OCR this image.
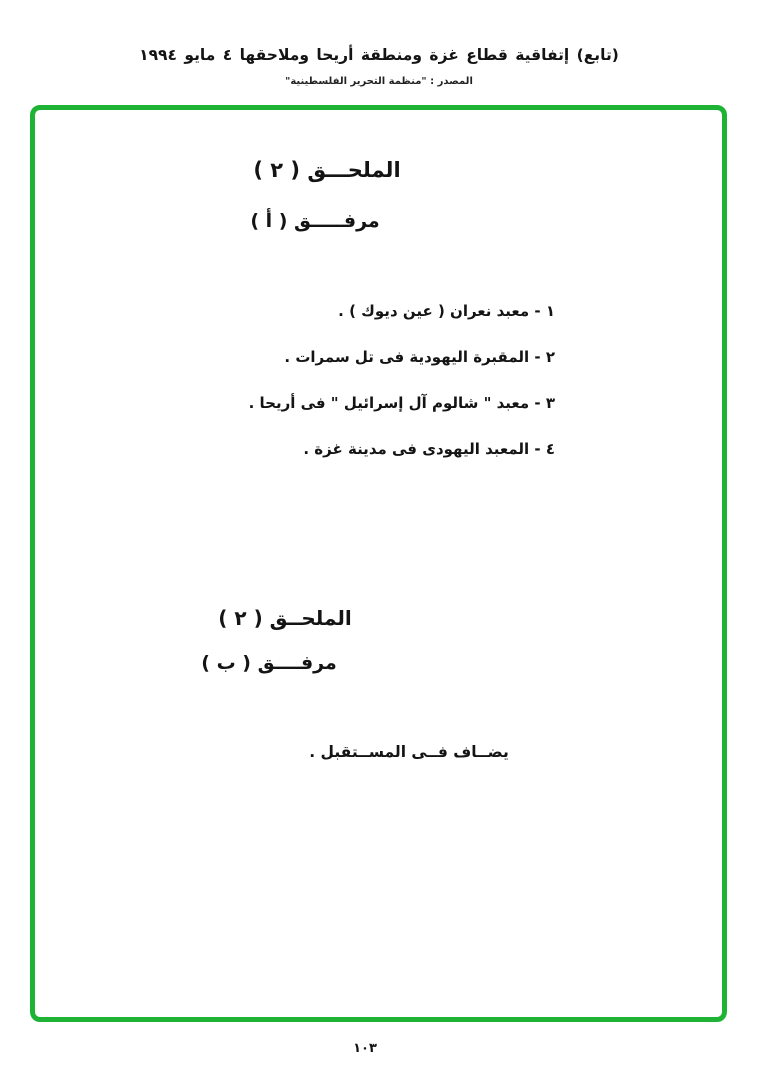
(تابع) إتفاقية قطاع غزة ومنطقة أريحا وملاحقها ٤ مايو ١٩٩٤
المصدر : "منظمة التحرير الفلسطينية"
الملحـــق ( ٢ )
مرفـــــق ( أ )
١ - معبد نعران ( عين ديوك ) .
٢ - المقبرة اليهودية فى تل سمرات .
٣ - معبد " شالوم آل إسرائيل " فى أريحا .
٤ - المعبد اليهودى فى مدينة غزة .
الملحــق ( ٢ )
مرفــــق ( ب )
يضــاف فــى المســتقبل .
١٠٣
